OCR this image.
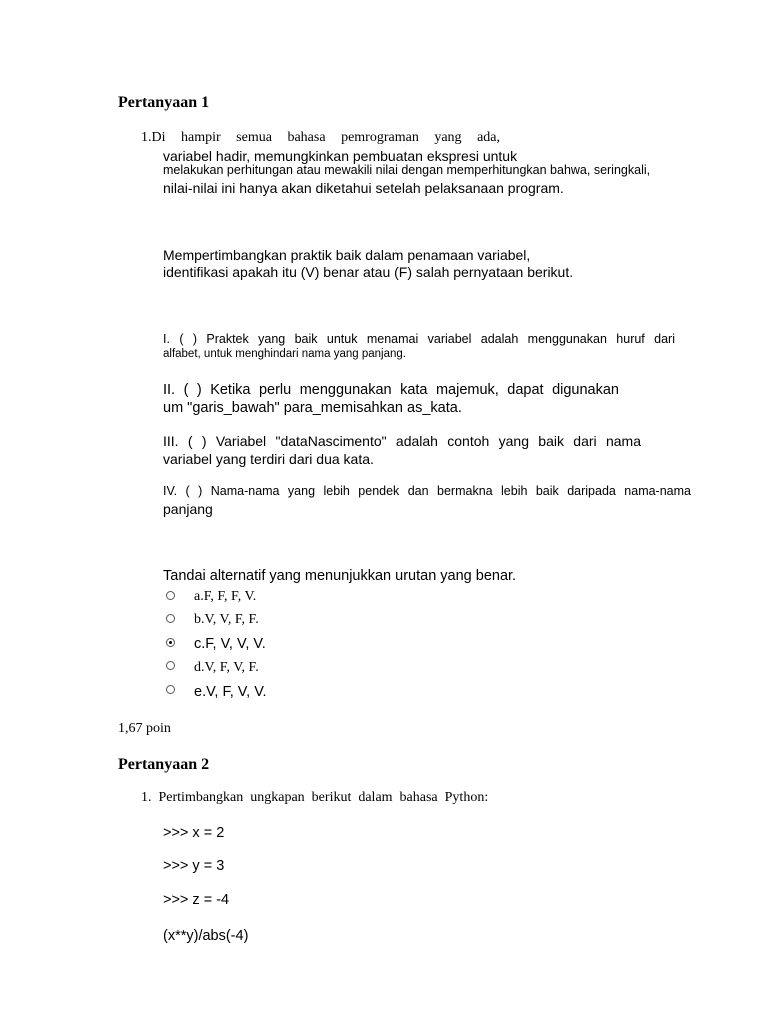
Pertanyaan 1
1.Di hampir semua bahasa pemrograman yang ada,
variabel hadir, memungkinkan pembuatan ekspresi untuk
melakukan perhitungan atau mewakili nilai dengan memperhitungkan bahwa, seringkali,
nilai-nilai ini hanya akan diketahui setelah pelaksanaan program.
Mempertimbangkan praktik baik dalam penamaan variabel,
identifikasi apakah itu (V) benar atau (F) salah pernyataan berikut.
I. ( ) Praktek yang baik untuk menamai variabel adalah menggunakan huruf dari
alfabet, untuk menghindari nama yang panjang.
II. ( ) Ketika perlu menggunakan kata majemuk, dapat digunakan
um "garis_bawah" para_memisahkan as_kata.
III. ( ) Variabel "dataNascimento" adalah contoh yang baik dari nama
variabel yang terdiri dari dua kata.
IV. ( ) Nama-nama yang lebih pendek dan bermakna lebih baik daripada nama-nama
panjang
Tandai alternatif yang menunjukkan urutan yang benar.
a.F, F, F, V.
b.V, V, F, F.
c.F, V, V, V.
d.V, F, V, F.
e.V, F, V, V.
1,67 poin
Pertanyaan 2
1.  Pertimbangkan  ungkapan  berikut  dalam  bahasa  Python:
>>> x = 2
>>> y = 3
>>> z = -4
(x**y)/abs(-4)
